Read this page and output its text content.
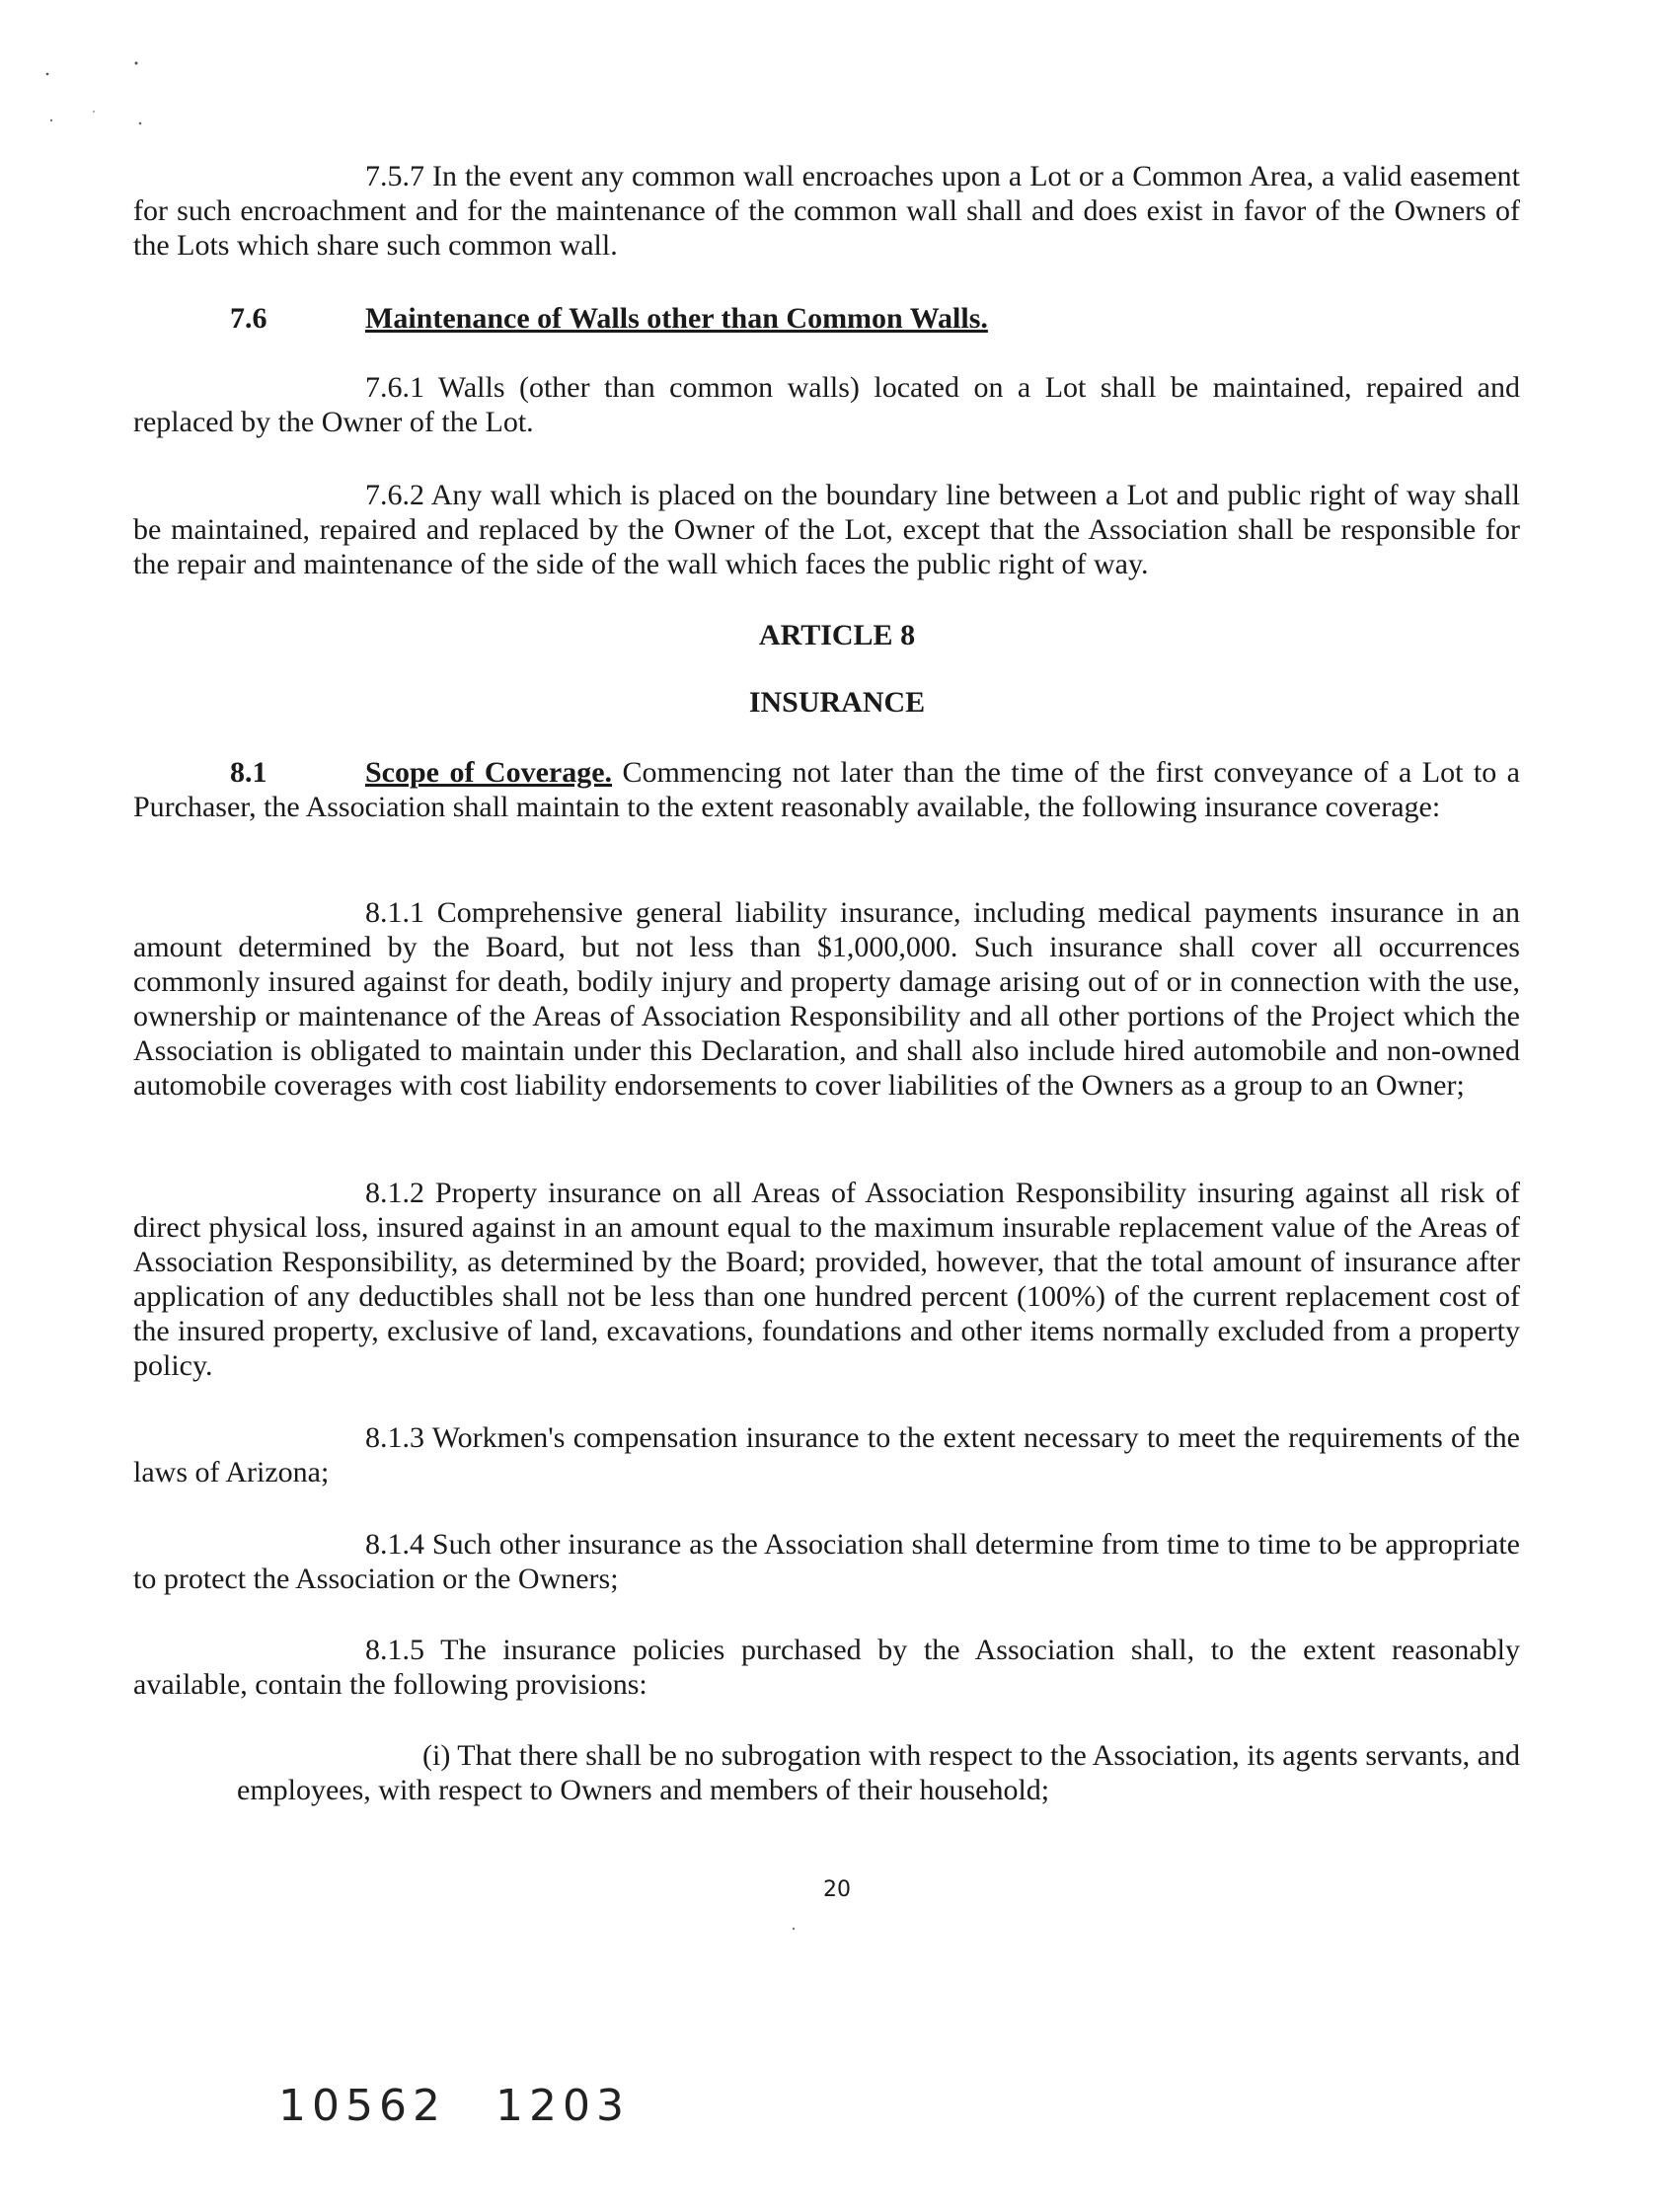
7.5.7 In the event any common wall encroaches upon a Lot or a Common Area, a valid easement for such encroachment and for the maintenance of the common wall shall and does exist in favor of the Owners of the Lots which share such common wall.
7.6	Maintenance of Walls other than Common Walls.
7.6.1 Walls (other than common walls) located on a Lot shall be maintained, repaired and replaced by the Owner of the Lot.
7.6.2 Any wall which is placed on the boundary line between a Lot and public right of way shall be maintained, repaired and replaced by the Owner of the Lot, except that the Association shall be responsible for the repair and maintenance of the side of the wall which faces the public right of way.
ARTICLE 8
INSURANCE
8.1	Scope of Coverage. Commencing not later than the time of the first conveyance of a Lot to a Purchaser, the Association shall maintain to the extent reasonably available, the following insurance coverage:
8.1.1 Comprehensive general liability insurance, including medical payments insurance in an amount determined by the Board, but not less than $1,000,000. Such insurance shall cover all occurrences commonly insured against for death, bodily injury and property damage arising out of or in connection with the use, ownership or maintenance of the Areas of Association Responsibility and all other portions of the Project which the Association is obligated to maintain under this Declaration, and shall also include hired automobile and non-owned automobile coverages with cost liability endorsements to cover liabilities of the Owners as a group to an Owner;
8.1.2 Property insurance on all Areas of Association Responsibility insuring against all risk of direct physical loss, insured against in an amount equal to the maximum insurable replacement value of the Areas of Association Responsibility, as determined by the Board; provided, however, that the total amount of insurance after application of any deductibles shall not be less than one hundred percent (100%) of the current replacement cost of the insured property, exclusive of land, excavations, foundations and other items normally excluded from a property policy.
8.1.3 Workmen's compensation insurance to the extent necessary to meet the requirements of the laws of Arizona;
8.1.4 Such other insurance as the Association shall determine from time to time to be appropriate to protect the Association or the Owners;
8.1.5 The insurance policies purchased by the Association shall, to the extent reasonably available, contain the following provisions:
(i) That there shall be no subrogation with respect to the Association, its agents servants, and employees, with respect to Owners and members of their household;
20
10562 1203
